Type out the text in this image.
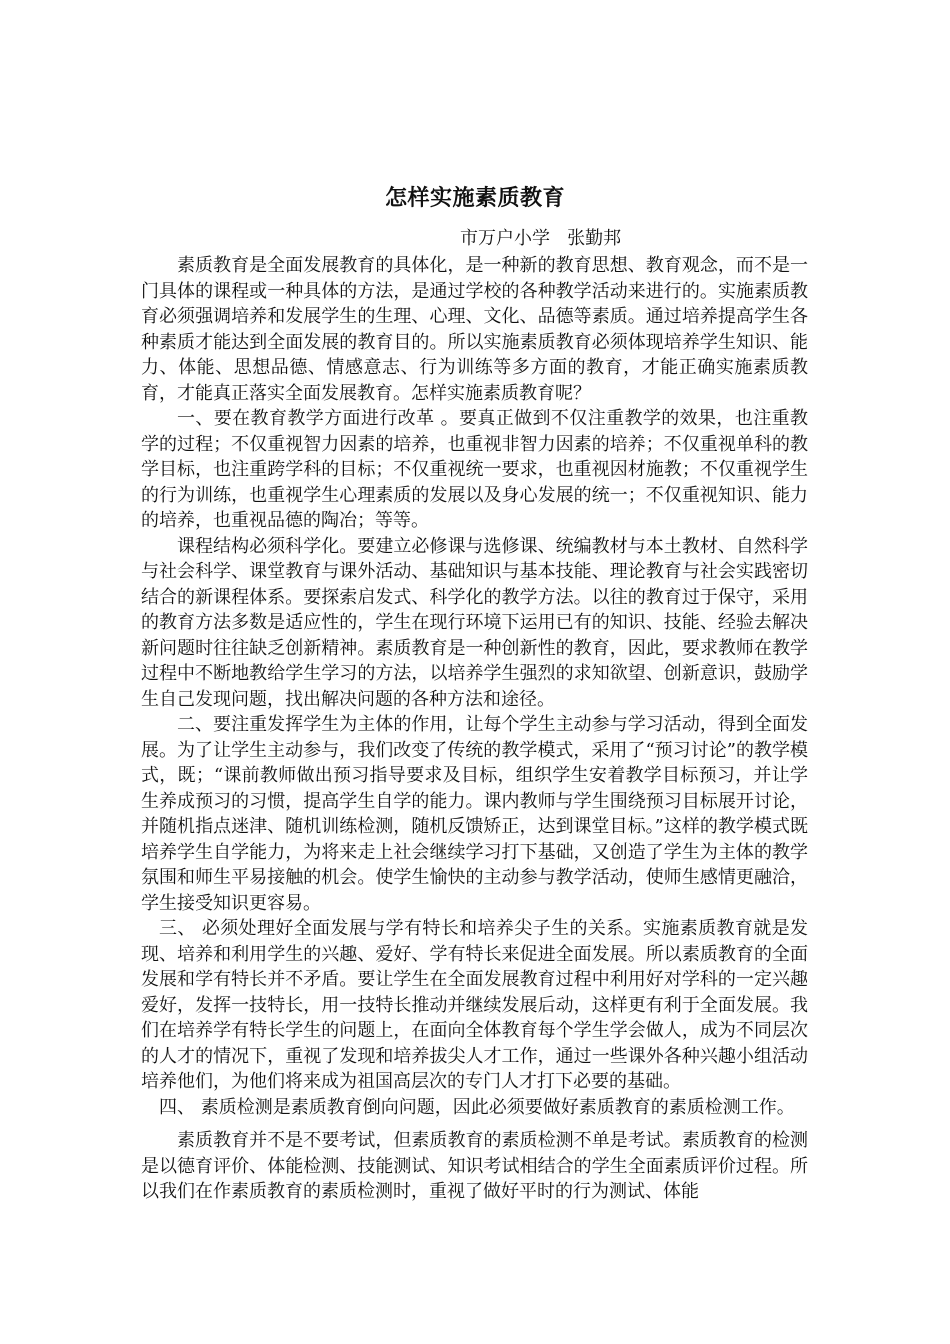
怎样实施素质教育

市万户小学   张勤邦

素质教育是全面发展教育的具体化，是一种新的教育思想、教育观念，而不是一门具体的课程或一种具体的方法，是通过学校的各种教学活动来进行的。实施素质教育必须强调培养和发展学生的生理、心理、文化、品德等素质。通过培养提高学生各种素质才能达到全面发展的教育目的。所以实施素质教育必须体现培养学生知识、能力、体能、思想品德、情感意志、行为训练等多方面的教育，才能正确实施素质教育，才能真正落实全面发展教育。怎样实施素质教育呢？

一、要在教育教学方面进行改革 。要真正做到不仅注重教学的效果，也注重教学的过程；不仅重视智力因素的培养，也重视非智力因素的培养；不仅重视单科的教学目标，也注重跨学科的目标；不仅重视统一要求，也重视因材施教；不仅重视学生的行为训练，也重视学生心理素质的发展以及身心发展的统一；不仅重视知识、能力的培养，也重视品德的陶冶；等等。

课程结构必须科学化。要建立必修课与选修课、统编教材与本土教材、自然科学与社会科学、课堂教育与课外活动、基础知识与基本技能、理论教育与社会实践密切结合的新课程体系。要探索启发式、科学化的教学方法。以往的教育过于保守，采用的教育方法多数是适应性的，学生在现行环境下运用已有的知识、技能、经验去解决新问题时往往缺乏创新精神。素质教育是一种创新性的教育，因此，要求教师在教学过程中不断地教给学生学习的方法，以培养学生强烈的求知欲望、创新意识，鼓励学生自己发现问题，找出解决问题的各种方法和途径。

二、要注重发挥学生为主体的作用，让每个学生主动参与学习活动，得到全面发展。为了让学生主动参与，我们改变了传统的教学模式，采用了“预习讨论”的教学模式，既；“课前教师做出预习指导要求及目标，组织学生安着教学目标预习，并让学生养成预习的习惯，提高学生自学的能力。课内教师与学生围绕预习目标展开讨论，并随机指点迷津、随机训练检测，随机反馈矫正，达到课堂目标。”这样的教学模式既培养学生自学能力，为将来走上社会继续学习打下基础，又创造了学生为主体的教学氛围和师生平易接触的机会。使学生愉快的主动参与教学活动，使师生感情更融洽，学生接受知识更容易。

三、 必须处理好全面发展与学有特长和培养尖子生的关系。实施素质教育就是发现、培养和利用学生的兴趣、爱好、学有特长来促进全面发展。所以素质教育的全面发展和学有特长并不矛盾。要让学生在全面发展教育过程中利用好对学科的一定兴趣爱好，发挥一技特长，用一技特长推动并继续发展后动，这样更有利于全面发展。我们在培养学有特长学生的问题上，在面向全体教育每个学生学会做人，成为不同层次的人才的情况下，重视了发现和培养拔尖人才工作，通过一些课外各种兴趣小组活动培养他们，为他们将来成为祖国高层次的专门人才打下必要的基础。

四、 素质检测是素质教育倒向问题，因此必须要做好素质教育的素质检测工作。

素质教育并不是不要考试，但素质教育的素质检测不单是考试。素质教育的检测是以德育评价、体能检测、技能测试、知识考试相结合的学生全面素质评价过程。所以我们在作素质教育的素质检测时，重视了做好平时的行为测试、体能
